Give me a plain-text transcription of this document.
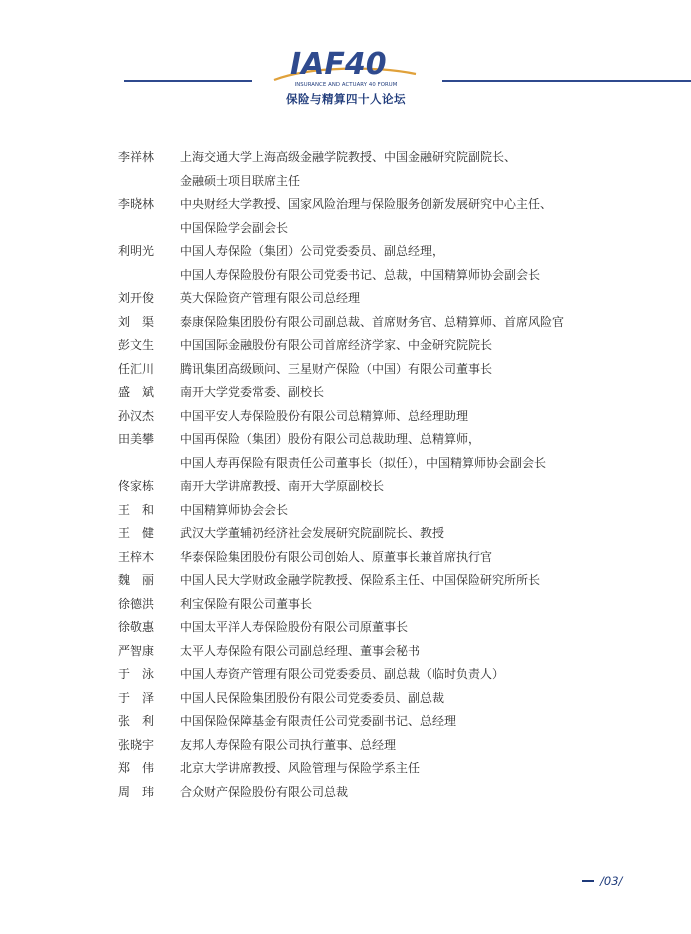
IAF40
INSURANCE AND ACTUARY 40 FORUM
保险与精算四十人论坛
李祥林	上海交通大学上海高级金融学院教授、中国金融研究院副院长、
金融硕士项目联席主任
李晓林	中央财经大学教授、国家风险治理与保险服务创新发展研究中心主任、
中国保险学会副会长
利明光	中国人寿保险（集团）公司党委委员、副总经理，
中国人寿保险股份有限公司党委书记、总裁，中国精算师协会副会长
刘开俊	英大保险资产管理有限公司总经理
刘　渠	泰康保险集团股份有限公司副总裁、首席财务官、总精算师、首席风险官
彭文生	中国国际金融股份有限公司首席经济学家、中金研究院院长
任汇川	腾讯集团高级顾问、三星财产保险（中国）有限公司董事长
盛　斌	南开大学党委常委、副校长
孙汉杰	中国平安人寿保险股份有限公司总精算师、总经理助理
田美攀	中国再保险（集团）股份有限公司总裁助理、总精算师，
中国人寿再保险有限责任公司董事长（拟任），中国精算师协会副会长
佟家栋	南开大学讲席教授、南开大学原副校长
王　和	中国精算师协会会长
王　健	武汉大学董辅礽经济社会发展研究院副院长、教授
王梓木	华泰保险集团股份有限公司创始人、原董事长兼首席执行官
魏　丽	中国人民大学财政金融学院教授、保险系主任、中国保险研究所所长
徐德洪	利宝保险有限公司董事长
徐敬惠	中国太平洋人寿保险股份有限公司原董事长
严智康	太平人寿保险有限公司副总经理、董事会秘书
于　泳	中国人寿资产管理有限公司党委委员、副总裁（临时负责人）
于　泽	中国人民保险集团股份有限公司党委委员、副总裁
张　利	中国保险保障基金有限责任公司党委副书记、总经理
张晓宇	友邦人寿保险有限公司执行董事、总经理
郑　伟	北京大学讲席教授、风险管理与保险学系主任
周　玮	合众财产保险股份有限公司总裁
/03/
